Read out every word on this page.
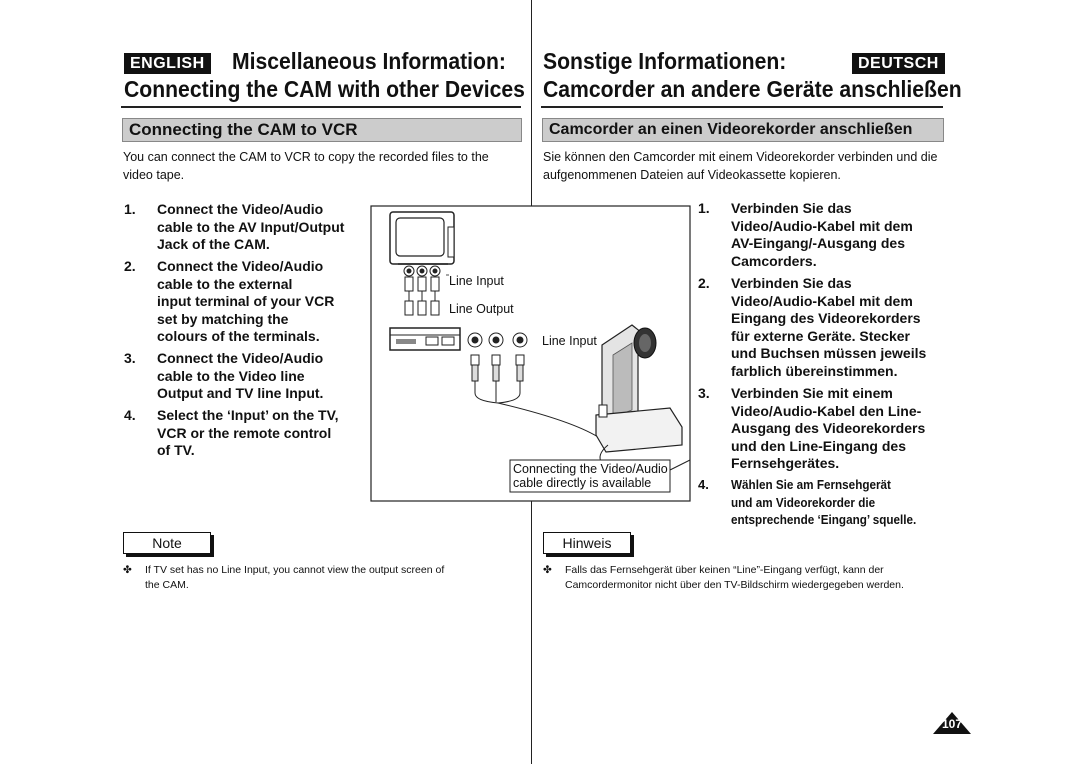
ENGLISH Miscellaneous Information:
Connecting the CAM with other Devices
Sonstige Informationen:	DEUTSCH
Camcorder an andere Geräte anschließen
Connecting the CAM to VCR	Camcorder an einen Videorekorder anschließen
You can connect the CAM to VCR to copy the recorded files to the video tape.
Sie können den Camcorder mit einem Videorekorder verbinden und die aufgenommenen Dateien auf Videokassette kopieren.
1. Connect the Video/Audio
cable to the AV Input/Output
Jack of the CAM.
2. Connect the Video/Audio
cable to the external
input terminal of your VCR
set by matching the
colours of the terminals.
3. Connect the Video/Audio
cable to the Video line
Output and TV line Input.
4. Select the ‘Input’ on the TV,
VCR or the remote control
of TV.
Line Input
Line Output
Line Input
Connecting the Video/Audio
cable directly is available
1. Verbinden Sie das
Video/Audio-Kabel mit dem
AV-Eingang/-Ausgang des
Camcorders.
2. Verbinden Sie das
Video/Audio-Kabel mit dem
Eingang des Videorekorders
für externe Geräte. Stecker
und Buchsen müssen jeweils
farblich übereinstimmen.
3. Verbinden Sie mit einem
Video/Audio-Kabel den Line-
Ausgang des Videorekorders
und den Line-Eingang des
Fernsehgerätes.
4. Wählen Sie am Fernsehgerät
und am Videorekorder die
entsprechende ‘Eingang’ squelle.
Note
✤ If TV set has no Line Input, you cannot view the output screen of
the CAM.
Hinweis
✤ Falls das Fernsehgerät über keinen “Line”-Eingang verfügt, kann der
Camcordermonitor nicht über den TV-Bildschirm wiedergegeben werden.
107
